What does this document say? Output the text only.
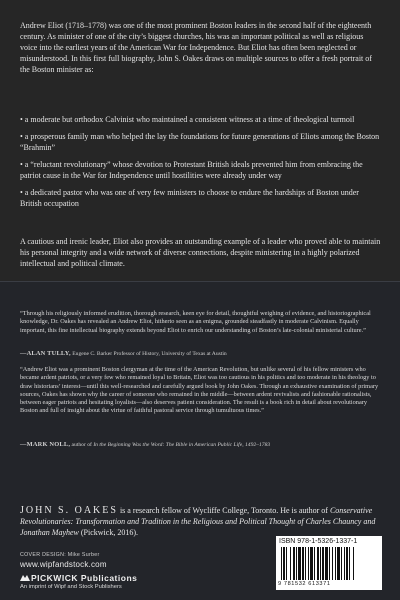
Andrew Eliot (1718–1778) was one of the most prominent Boston leaders in the second half of the eighteenth century. As minister of one of the city’s biggest churches, his was an important political as well as religious voice into the earliest years of the American War for Independence. But Eliot has often been neglected or misunderstood. In this first full biography, John S. Oakes draws on multiple sources to offer a fresh portrait of the Boston minister as:

• a moderate but orthodox Calvinist who maintained a consistent witness at a time of theological turmoil
• a prosperous family man who helped the lay the foundations for future generations of Eliots among the Boston “Brahmin”
• a “reluctant revolutionary” whose devotion to Protestant British ideals prevented him from embracing the patriot cause in the War for Independence until hostilities were already under way
• a dedicated pastor who was one of very few ministers to choose to endure the hardships of Boston under British occupation

A cautious and irenic leader, Eliot also provides an outstanding example of a leader who proved able to maintain his personal integrity and a wide network of diverse connections, despite ministering in a highly polarized intellectual and political climate.

“Through his religiously informed erudition, thorough research, keen eye for detail, thoughtful weighing of evidence, and historiographical knowledge, Dr. Oakes has revealed an Andrew Eliot, hitherto seen as an enigma, grounded steadfastly in moderate Calvinism. Equally important, this fine intellectual biography extends beyond Eliot to enrich our understanding of Boston’s late-colonial ministerial culture.”

—ALAN TULLY, Eugene C. Barker Professor of History, University of Texas at Austin

“Andrew Eliot was a prominent Boston clergyman at the time of the American Revolution, but unlike several of his fellow ministers who became ardent patriots, or a very few who remained loyal to Britain, Eliot was too cautious in his politics and too moderate in his theology to draw historians’ interest—until this well-researched and carefully argued book by John Oakes. Through an exhaustive examination of primary sources, Oakes has shown why the career of someone who remained in the middle—between ardent revivalists and fashionable rationalists, between eager patriots and hesitating loyalists—also deserves patient consideration. The result is a book rich in detail about revolutionary Boston and full of insight about the virtue of faithful pastoral service through tumultuous times.”

—MARK NOLL, author of In the Beginning Was the Word: The Bible in American Public Life, 1492–1783

JOHN S. OAKES is a research fellow of Wycliffe College, Toronto. He is author of Conservative Revolutionaries: Transformation and Tradition in the Religious and Political Thought of Charles Chauncy and Jonathan Mayhew (Pickwick, 2016).

COVER DESIGN: Mike Surber
www.wipfandstock.com
PICKWICK Publications
An imprint of Wipf and Stock Publishers
ISBN 978-1-5326-1337-1
9 781532 613371
